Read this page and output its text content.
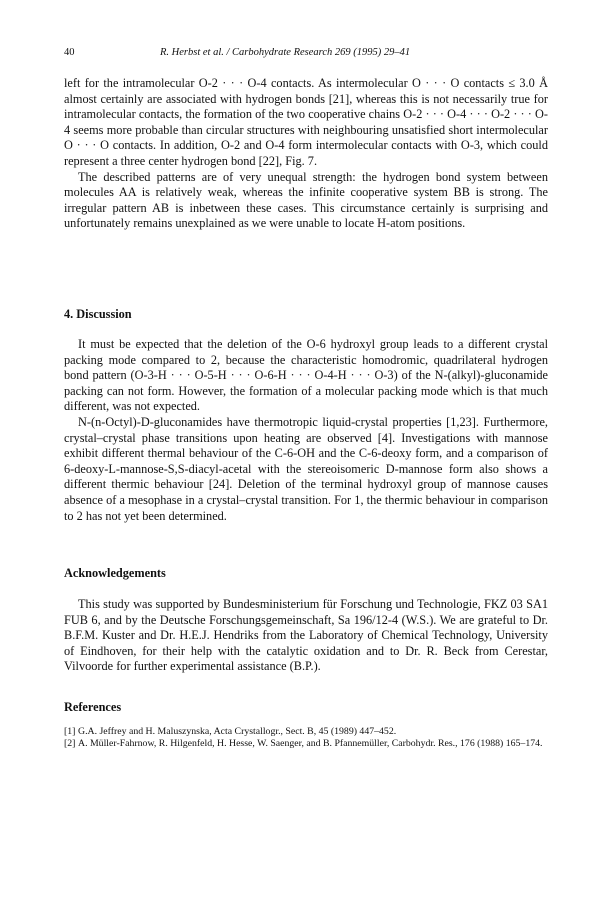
40	R. Herbst et al. / Carbohydrate Research 269 (1995) 29–41

left for the intramolecular O-2 · · · O-4 contacts. As intermolecular O · · · O contacts ≤ 3.0 Å almost certainly are associated with hydrogen bonds [21], whereas this is not necessarily true for intramolecular contacts, the formation of the two cooperative chains O-2 · · · O-4 · · · O-2 · · · O-4 seems more probable than circular structures with neighbouring unsatisfied short intermolecular O · · · O contacts. In addition, O-2 and O-4 form intermolecular contacts with O-3, which could represent a three center hydrogen bond [22], Fig. 7.

The described patterns are of very unequal strength: the hydrogen bond system between molecules AA is relatively weak, whereas the infinite cooperative system BB is strong. The irregular pattern AB is inbetween these cases. This circumstance certainly is surprising and unfortunately remains unexplained as we were unable to locate H-atom positions.

4. Discussion

It must be expected that the deletion of the O-6 hydroxyl group leads to a different crystal packing mode compared to 2, because the characteristic homodromic, quadrilateral hydrogen bond pattern (O-3-H · · · O-5-H · · · O-6-H · · · O-4-H · · · O-3) of the N-(alkyl)-gluconamide packing can not form. However, the formation of a molecular packing mode which is that much different, was not expected.

N-(n-Octyl)-D-gluconamides have thermotropic liquid-crystal properties [1,23]. Furthermore, crystal–crystal phase transitions upon heating are observed [4]. Investigations with mannose exhibit different thermal behaviour of the C-6-OH and the C-6-deoxy form, and a comparison of 6-deoxy-L-mannose-S,S-diacyl-acetal with the stereoisomeric D-mannose form also shows a different thermic behaviour [24]. Deletion of the terminal hydroxyl group of mannose causes absence of a mesophase in a crystal–crystal transition. For 1, the thermic behaviour in comparison to 2 has not yet been determined.

Acknowledgements

This study was supported by Bundesministerium für Forschung und Technologie, FKZ 03 SA1 FUB 6, and by the Deutsche Forschungsgemeinschaft, Sa 196/12-4 (W.S.). We are grateful to Dr. B.F.M. Kuster and Dr. H.E.J. Hendriks from the Laboratory of Chemical Technology, University of Eindhoven, for their help with the catalytic oxidation and to Dr. R. Beck from Cerestar, Vilvoorde for further experimental assistance (B.P.).

References
[1] G.A. Jeffrey and H. Maluszynska, Acta Crystallogr., Sect. B, 45 (1989) 447–452.
[2] A. Müller-Fahrnow, R. Hilgenfeld, H. Hesse, W. Saenger, and B. Pfannemüller, Carbohydr. Res., 176 (1988) 165–174.
